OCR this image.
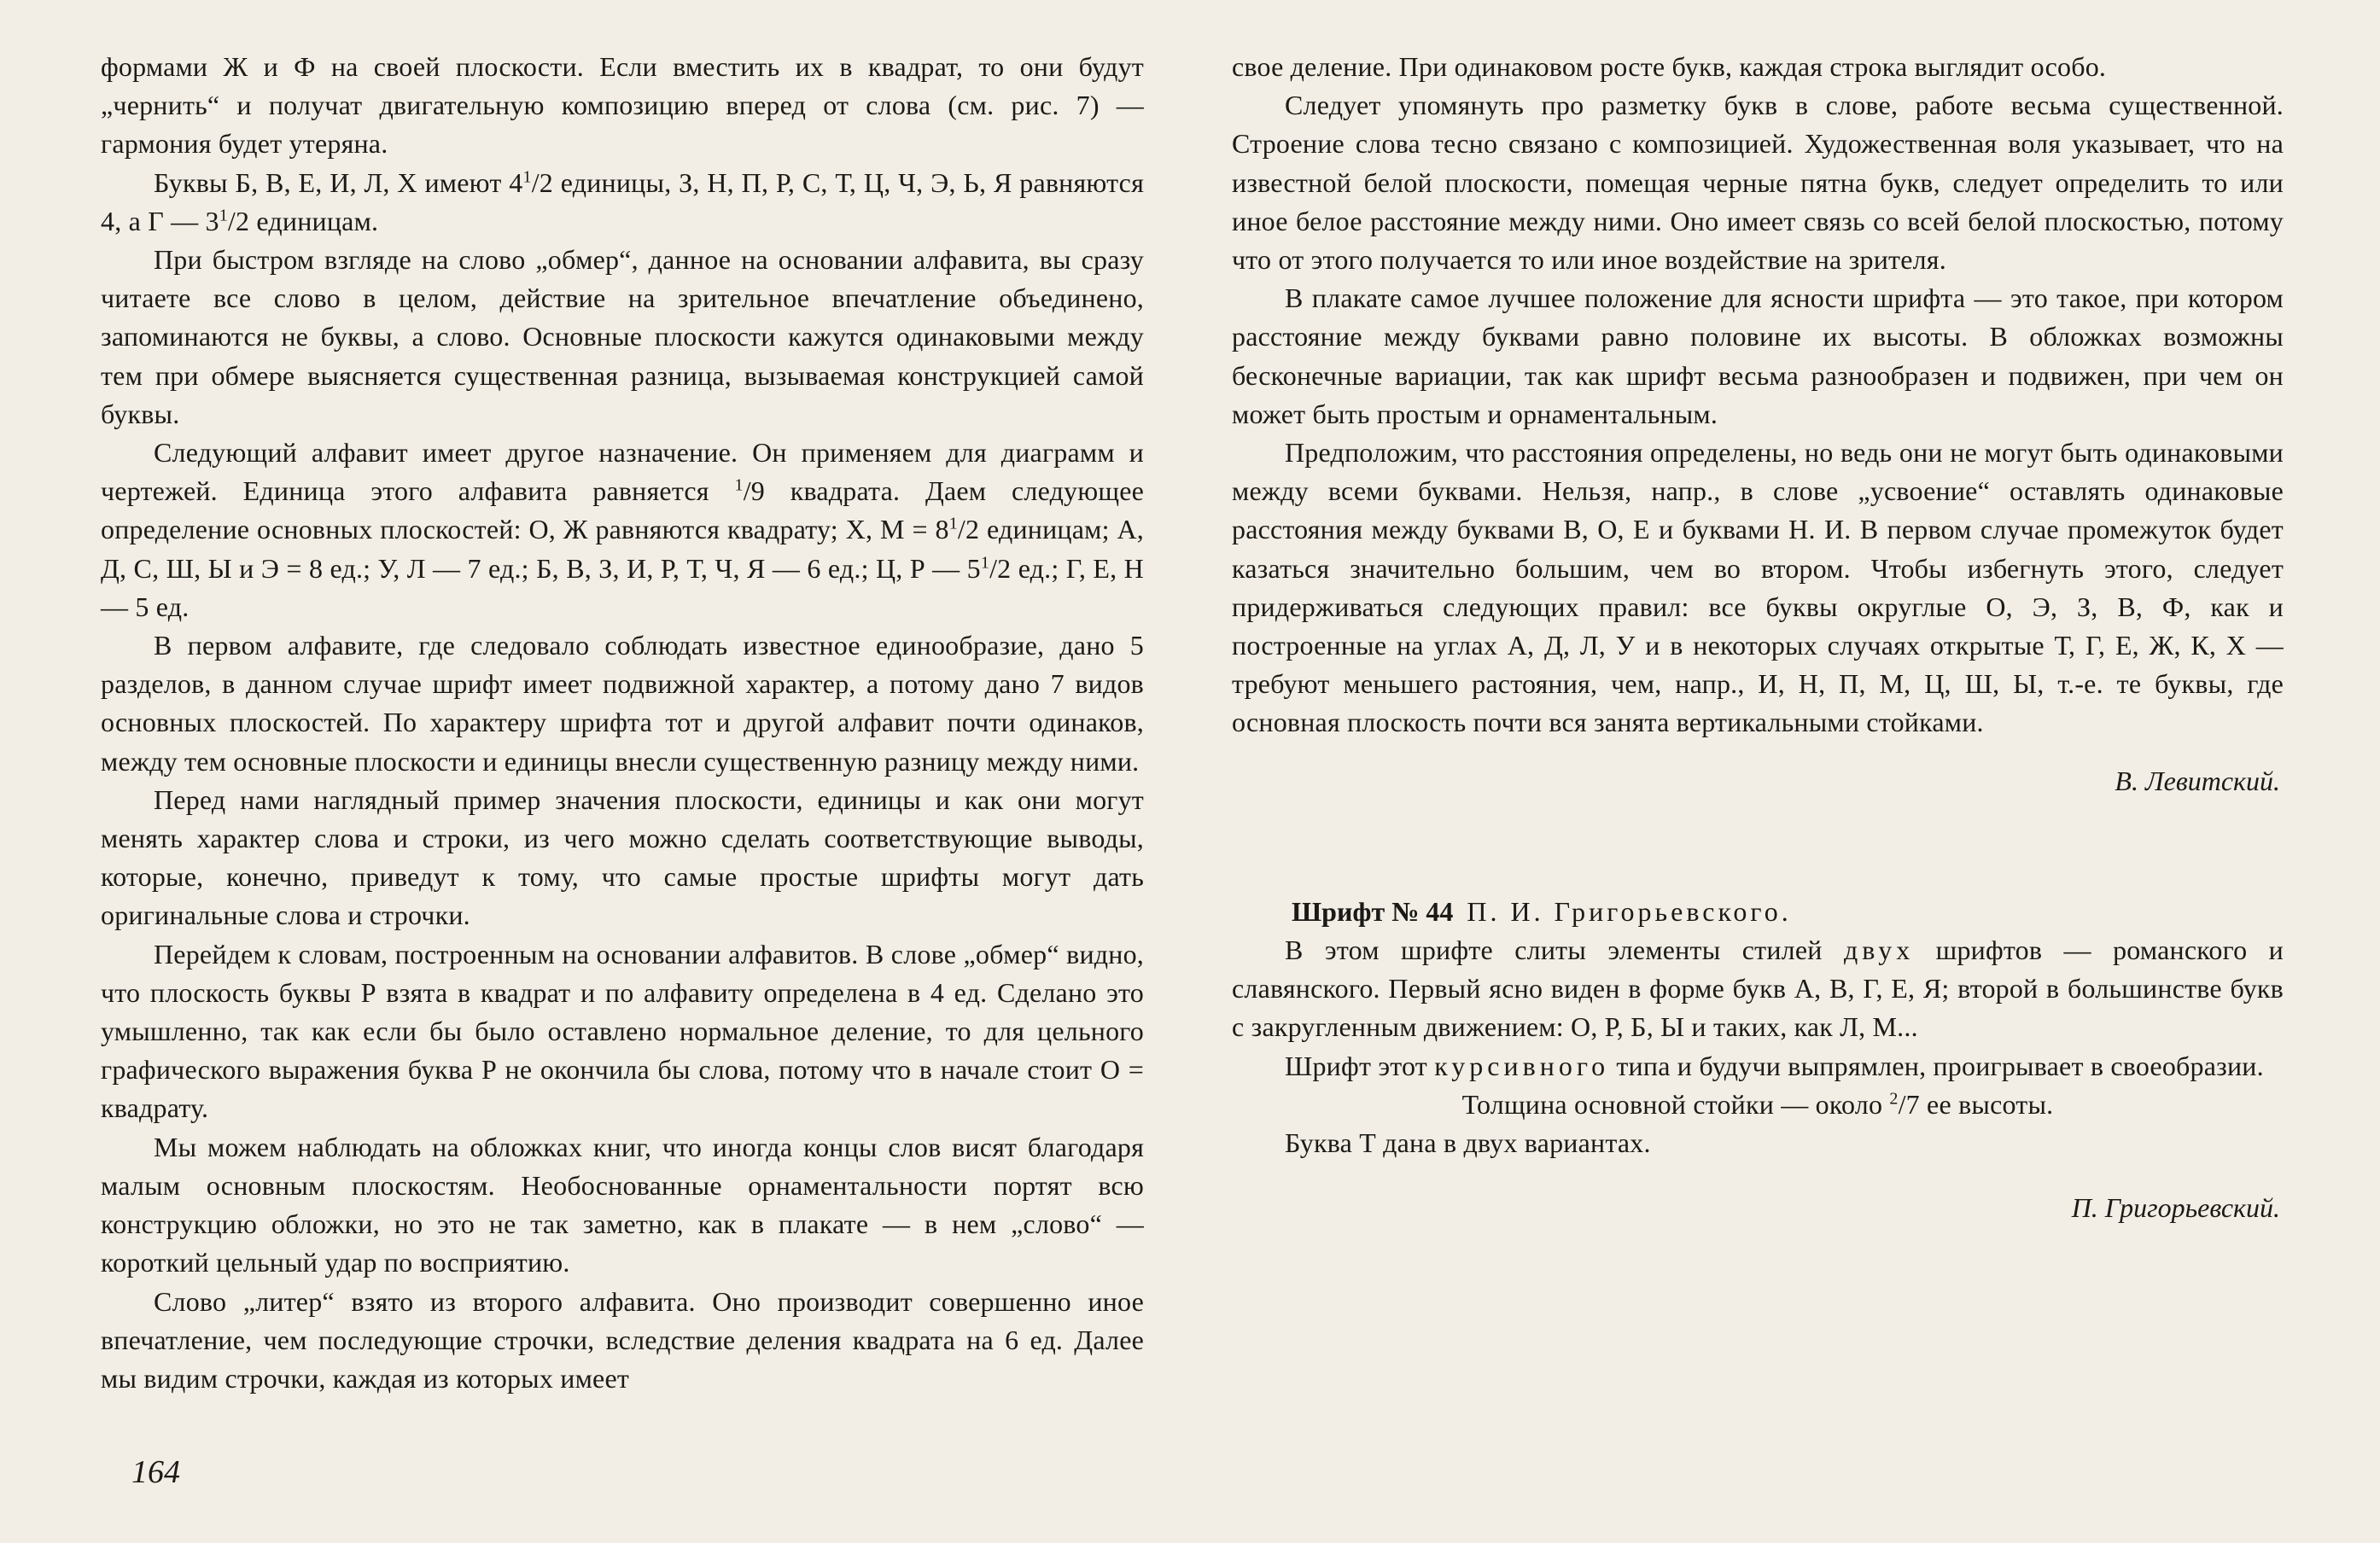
формами Ж и Ф на своей плоскости. Если вместить их в квадрат, то они будут „чернить“ и получат двигательную композицию вперед от слова (см. рис. 7) — гармония будет утеряна.

Буквы Б, В, Е, И, Л, Х имеют $4^1/2$ единицы, З, Н, П, Р, С, Т, Ц, Ч, Э, Ь, Я равняются 4, а Г — $3^1/2$ единицам.

При быстром взгляде на слово „обмер“, данное на основании алфавита, вы сразу читаете все слово в целом, действие на зрительное впечатление объединено, запоминаются не буквы, а слово. Основные плоскости кажутся одинаковыми между тем при обмере выясняется существенная разница, вызываемая конструкцией самой буквы.

Следующий алфавит имеет другое назначение. Он применяем для диаграмм и чертежей. Единица этого алфавита равняется $^1$/9 квадрата. Даем следующее определение основных плоскостей: О, Ж равняются квадрату; Х, $М = 8^1/2$ единицам; А, Д, С, Ш, Ы и Э = 8 ед.; У, Л — 7 ед.; Б, В, З, И, Р, Т, Ч, Я — 6 ед.; Ц, Р — $5^1/2$ ед.; Г, Е, Н — 5 ед.

В первом алфавите, где следовало соблюдать известное единообразие, дано 5 разделов, в данном случае шрифт имеет подвижной характер, а потому дано 7 видов основных плоскостей. По характеру шрифта тот и другой алфавит почти одинаков, между тем основные плоскости и единицы внесли существенную разницу между ними.

Перед нами наглядный пример значения плоскости, единицы и как они могут менять характер слова и строки, из чего можно сделать соответствующие выводы, которые, конечно, приведут к тому, что самые простые шрифты могут дать оригинальные слова и строчки.

Перейдем к словам, построенным на основании алфавитов. В слове „обмер“ видно, что плоскость буквы Р взята в квадрат и по алфавиту определена в 4 ед. Сделано это умышленно, так как если бы было оставлено нормальное деление, то для цельного графического выражения буква Р не окончила бы слова, потому что в начале стоит О = квадрату.

Мы можем наблюдать на обложках книг, что иногда концы слов висят благодаря малым основным плоскостям. Необоснованные орнаментальности портят всю конструкцию обложки, но это не так заметно, как в плакате — в нем „слово“ — короткий цельный удар по восприятию.

Слово „литер“ взято из второго алфавита. Оно производит совершенно иное впечатление, чем последующие строчки, вследствие деления квадрата на 6 ед. Далее мы видим строчки, каждая из которых имеет

свое деление. При одинаковом росте букв, каждая строка выглядит особо.

Следует упомянуть про разметку букв в слове, работе весьма существенной. Строение слова тесно связано с композицией. Художественная воля указывает, что на известной белой плоскости, помещая черные пятна букв, следует определить то или иное белое расстояние между ними. Оно имеет связь со всей белой плоскостью, потому что от этого получается то или иное воздействие на зрителя.

В плакате самое лучшее положение для ясности шрифта — это такое, при котором расстояние между буквами равно половине их высоты. В обложках возможны бесконечные вариации, так как шрифт весьма разнообразен и подвижен, при чем он может быть простым и орнаментальным.

Предположим, что расстояния определены, но ведь они не могут быть одинаковыми между всеми буквами. Нельзя, напр., в слове „усвоение“ оставлять одинаковые расстояния между буквами В, О, Е и буквами Н. И. В первом случае промежуток будет казаться значительно большим, чем во втором. Чтобы избегнуть этого, следует придерживаться следующих правил: все буквы округлые О, Э, З, В, Ф, как и построенные на углах А, Д, Л, У и в некоторых случаях открытые Т, Г, Е, Ж, К, Х — требуют меньшего растояния, чем, напр., И, Н, П, М, Ц, Ш, Ы, т.-е. те буквы, где основная плоскость почти вся занята вертикальными стойками.

В. Левитский.

Шрифт № 44 П. И. Григорьевского.

В этом шрифте слиты элементы стилей двух шрифтов — романского и славянского. Первый ясно виден в форме букв А, В, Г, Е, Я; второй в большинстве букв с закругленным движением: О, Р, Б, Ы и таких, как Л, М...

Шрифт этот курсивного типа и будучи выпрямлен, проигрывает в своеобразии.

Толщина основной стойки — около $^2$/7 ее высоты.

Буква Т дана в двух вариантах.

П. Григорьевский.

164
